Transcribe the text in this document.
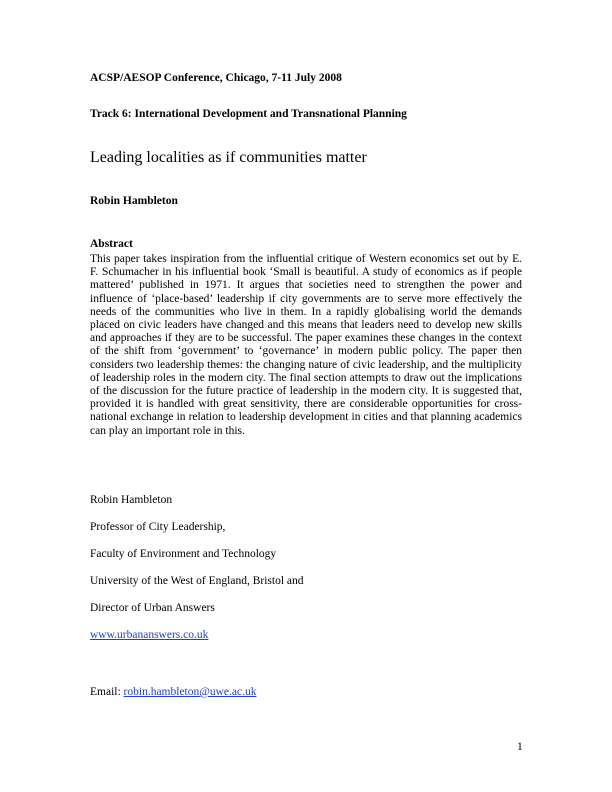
ACSP/AESOP Conference, Chicago, 7-11 July 2008

Track 6: International Development and Transnational Planning

Leading localities as if communities matter

Robin Hambleton

Abstract

This paper takes inspiration from the influential critique of Western economics set out by E. F. Schumacher in his influential book ‘Small is beautiful. A study of economics as if people mattered’ published in 1971. It argues that societies need to strengthen the power and influence of ‘place-based’ leadership if city governments are to serve more effectively the needs of the communities who live in them. In a rapidly globalising world the demands placed on civic leaders have changed and this means that leaders need to develop new skills and approaches if they are to be successful. The paper examines these changes in the context of the shift from ‘government’ to ‘governance’ in modern public policy. The paper then considers two leadership themes: the changing nature of civic leadership, and the multiplicity of leadership roles in the modern city. The final section attempts to draw out the implications of the discussion for the future practice of leadership in the modern city. It is suggested that, provided it is handled with great sensitivity, there are considerable opportunities for cross-national exchange in relation to leadership development in cities and that planning academics can play an important role in this.

Robin Hambleton
Professor of City Leadership,
Faculty of Environment and Technology
University of the West of England, Bristol and
Director of Urban Answers
www.urbananswers.co.uk
Email: robin.hambleton@uwe.ac.uk
1
